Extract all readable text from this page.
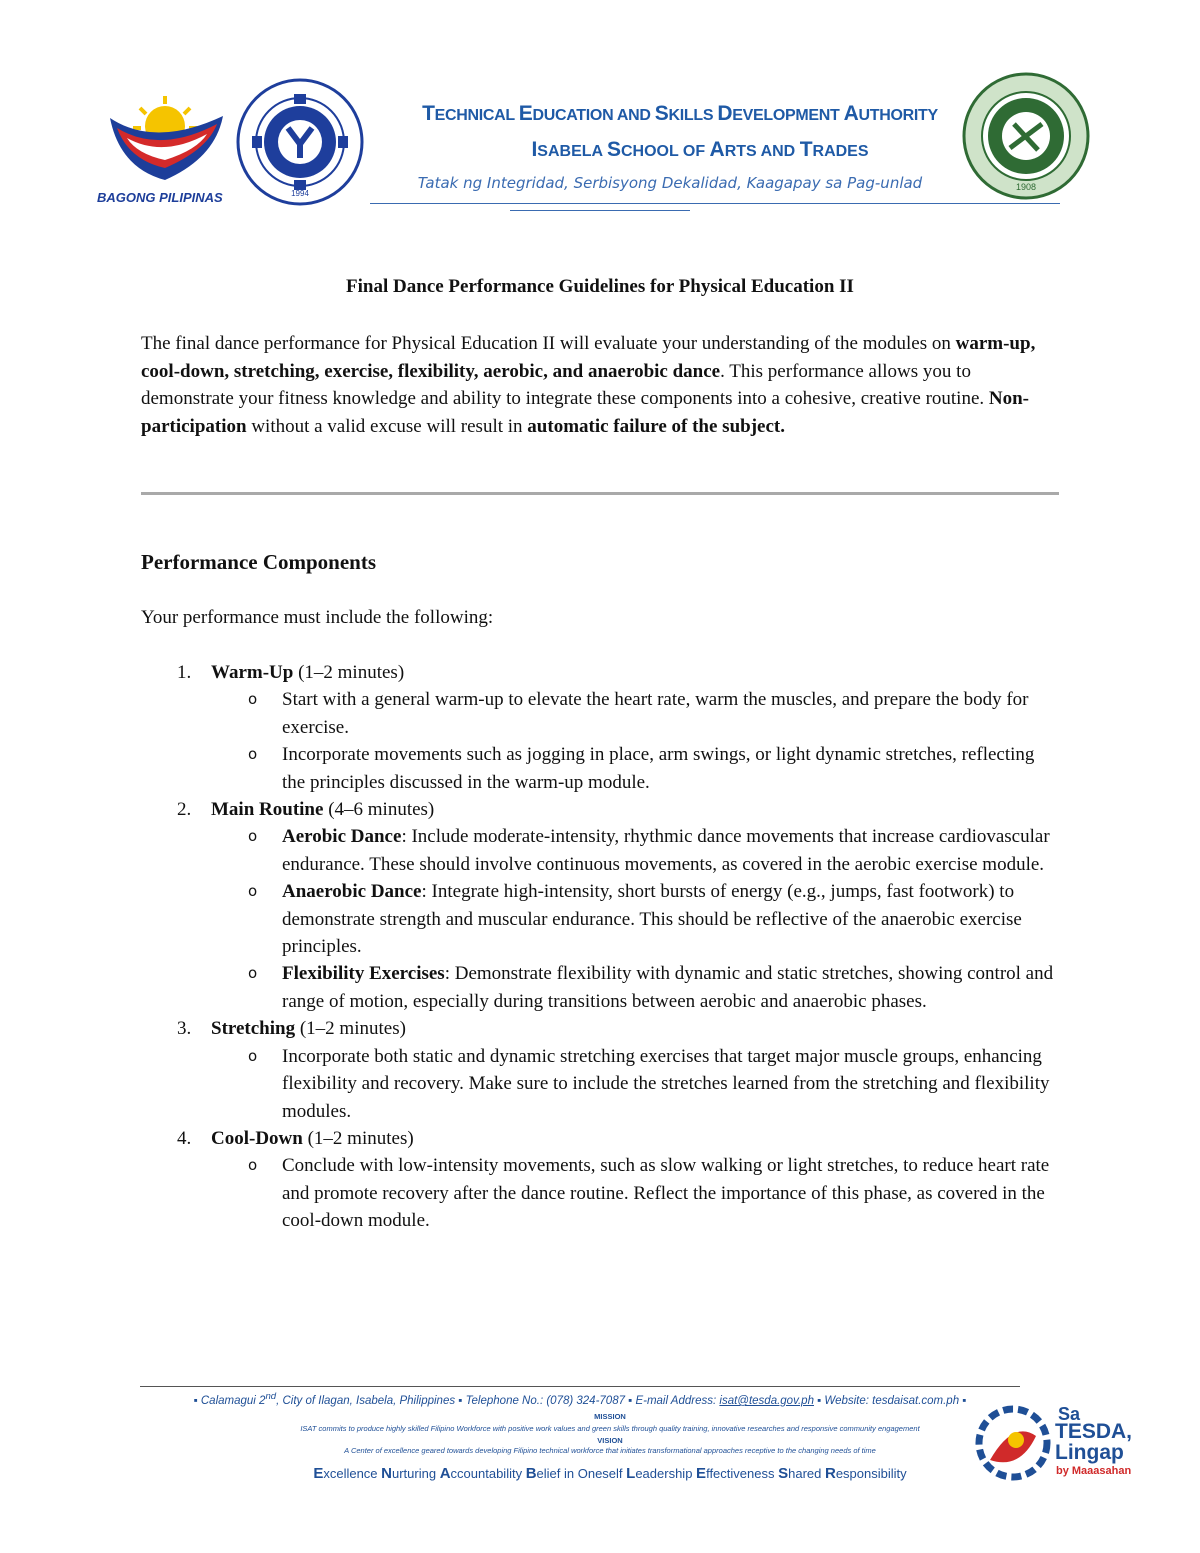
BAGONG PILIPINAS	1994
1908
TECHNICAL EDUCATION AND SKILLS DEVELOPMENT AUTHORITY
ISABELA SCHOOL OF ARTS AND TRADES
Tatak ng Integridad, Serbisyong Dekalidad, Kaagapay sa Pag-unlad
Final Dance Performance Guidelines for Physical Education II
The final dance performance for Physical Education II will evaluate your understanding of the modules on warm-up, cool-down, stretching, exercise, flexibility, aerobic, and anaerobic dance. This performance allows you to demonstrate your fitness knowledge and ability to integrate these components into a cohesive, creative routine. Non-participation without a valid excuse will result in automatic failure of the subject.
Performance Components
Your performance must include the following:
1. Warm-Up (1–2 minutes)
o Start with a general warm-up to elevate the heart rate, warm the muscles, and prepare the body for exercise.
o Incorporate movements such as jogging in place, arm swings, or light dynamic stretches, reflecting the principles discussed in the warm-up module.
2. Main Routine (4–6 minutes)
o Aerobic Dance: Include moderate-intensity, rhythmic dance movements that increase cardiovascular endurance. These should involve continuous movements, as covered in the aerobic exercise module.
o Anaerobic Dance: Integrate high-intensity, short bursts of energy (e.g., jumps, fast footwork) to demonstrate strength and muscular endurance. This should be reflective of the anaerobic exercise principles.
o Flexibility Exercises: Demonstrate flexibility with dynamic and static stretches, showing control and range of motion, especially during transitions between aerobic and anaerobic phases.
3. Stretching (1–2 minutes)
o Incorporate both static and dynamic stretching exercises that target major muscle groups, enhancing flexibility and recovery. Make sure to include the stretches learned from the stretching and flexibility modules.
4. Cool-Down (1–2 minutes)
o Conclude with low-intensity movements, such as slow walking or light stretches, to reduce heart rate and promote recovery after the dance routine. Reflect the importance of this phase, as covered in the cool-down module.
▪ Calamagui 2nd, City of Ilagan, Isabela, Philippines ▪ Telephone No.: (078) 324-7087 ▪ E-mail Address: isat@tesda.gov.ph ▪ Website: tesdaisat.com.ph ▪
MISSION
ISAT commits to produce highly skilled Filipino Workforce with positive work values and green skills through quality training, innovative researches and responsive community engagement
VISION
A Center of excellence geared towards developing Filipino technical workforce that initiates transformational approaches receptive to the changing needs of time
Excellence Nurturing Accountability Belief in Oneself Leadership Effectiveness Shared Responsibility
Sa
TESDA,
Lingap
by Maaasahan
